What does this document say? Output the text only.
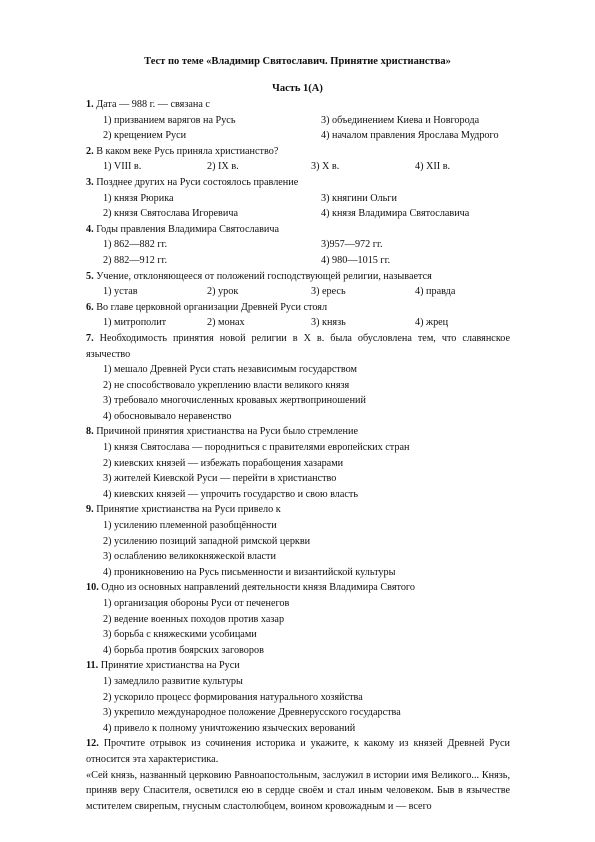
Тест по теме «Владимир Святославич. Принятие христианства»
Часть 1(А)

1. Дата — 988 г. — связана с

1) призванием варягов на Русь	3) объединением Киева и Новгорода
2) крещением Руси	4) началом правления Ярослава Мудрого

2. В каком веке Русь приняла христианство?

1) VIII в.	2) IX в.	3) X в.	4) XII в.

3. Позднее других на Руси состоялось правление

1) князя Рюрика	3) княгини Ольги
2) князя Святослава Игоревича	4) князя Владимира Святославича

4. Годы правления Владимира Святославича

1) 862—882 гг.	3)957—972 гг.
2) 882—912 гг.	4) 980—1015 гг.

5. Учение, отклоняющееся от положений господствующей религии, называется

1) устав	2) урок	3) ересь	4) правда

6. Во главе церковной организации Древней Руси стоял

1) митрополит	2) монах	3) князь	4) жрец

7. Необходимость принятия новой религии в X в. была обусловлена тем, что славянское язычество

1) мешало Древней Руси стать независимым государством
2) не способствовало укреплению власти великого князя
3) требовало многочисленных кровавых жертвоприношений
4) обосновывало неравенство

8. Причиной принятия христианства на Руси было стремление

1) князя Святослава — породниться с правителями европейских стран
2) киевских князей — избежать порабощения хазарами
3) жителей Киевской Руси — перейти в христианство
4) киевских князей — упрочить государство и свою власть

9. Принятие христианства на Руси привело к

1) усилению племенной разобщённости
2) усилению позиций западной римской церкви
3) ослаблению великокняжеской власти
4) проникновению на Русь письменности и византийской культуры

10. Одно из основных направлений деятельности князя Владимира Святого

1) организация обороны Руси от печенегов
2) ведение военных походов против хазар
3) борьба с княжескими усобицами
4) борьба против боярских заговоров

11. Принятие христианства на Руси

1) замедлило развитие культуры
2) ускорило процесс формирования натурального хозяйства
3) укрепило международное положение Древнерусского государства
4) привело к полному уничтожению языческих верований

12. Прочтите отрывок из сочинения историка и укажите, к какому из князей Древней Руси относится эта характеристика.

«Сей князь, названный церковию Равноапостольным, заслужил в истории имя Великого... Князь, приняв веру Спасителя, осветился ею в сердце своём и стал иным человеком. Быв в язычестве мстителем свирепым, гнусным сластолюбцем, воином кровожадным и — всего
